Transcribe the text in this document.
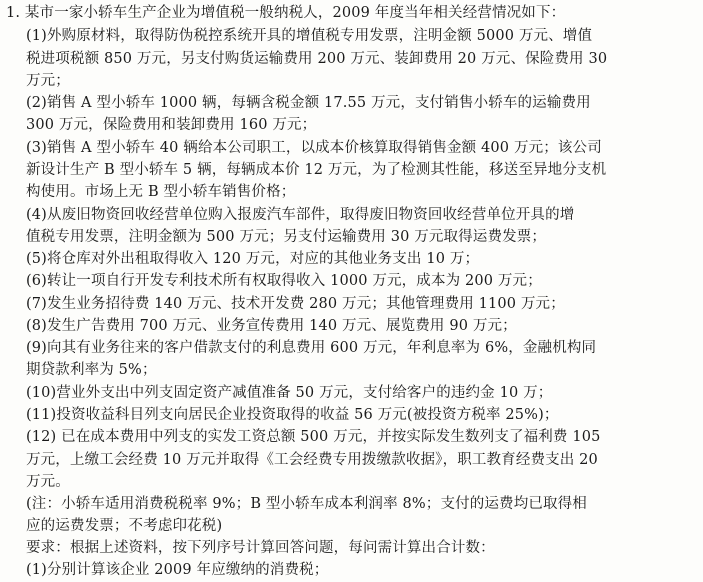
1. 某市一家小轿车生产企业为增值税一般纳税人，2009 年度当年相关经营情况如下：
(1)外购原材料，取得防伪税控系统开具的增值税专用发票，注明金额 5000 万元、增值
税进项税额 850 万元，另支付购货运输费用 200 万元、装卸费用 20 万元、保险费用 30
万元；
(2)销售 A 型小轿车 1000 辆，每辆含税金额 17.55 万元，支付销售小轿车的运输费用
300 万元，保险费用和装卸费用 160 万元；
(3)销售 A 型小轿车 40 辆给本公司职工，以成本价核算取得销售金额 400 万元；该公司
新设计生产 B 型小轿车 5 辆，每辆成本价 12 万元，为了检测其性能，移送至异地分支机
构使用。市场上无 B 型小轿车销售价格；
(4)从废旧物资回收经营单位购入报废汽车部件，取得废旧物资回收经营单位开具的增
值税专用发票，注明金额为 500 万元；另支付运输费用 30 万元取得运费发票；
(5)将仓库对外出租取得收入 120 万元，对应的其他业务支出 10 万；
(6)转让一项自行开发专利技术所有权取得收入 1000 万元，成本为 200 万元；
(7)发生业务招待费 140 万元、技术开发费 280 万元；其他管理费用 1100 万元；
(8)发生广告费用 700 万元、业务宣传费用 140 万元、展览费用 90 万元；
(9)向其有业务往来的客户借款支付的利息费用 600 万元，年利息率为 6%，金融机构同
期贷款利率为 5%；
(10)营业外支出中列支固定资产减值准备 50 万元，支付给客户的违约金 10 万；
(11)投资收益科目列支向居民企业投资取得的收益 56 万元(被投资方税率 25%)；
(12) 已在成本费用中列支的实发工资总额 500 万元，并按实际发生数列支了福利费 105
万元，上缴工会经费 10 万元并取得《工会经费专用拨缴款收据》，职工教育经费支出 20
万元。
(注：小轿车适用消费税税率 9%；B 型小轿车成本利润率 8%；支付的运费均已取得相
应的运费发票；不考虑印花税)
要求：根据上述资料，按下列序号计算回答问题，每问需计算出合计数：
(1)分别计算该企业 2009 年应缴纳的消费税；
